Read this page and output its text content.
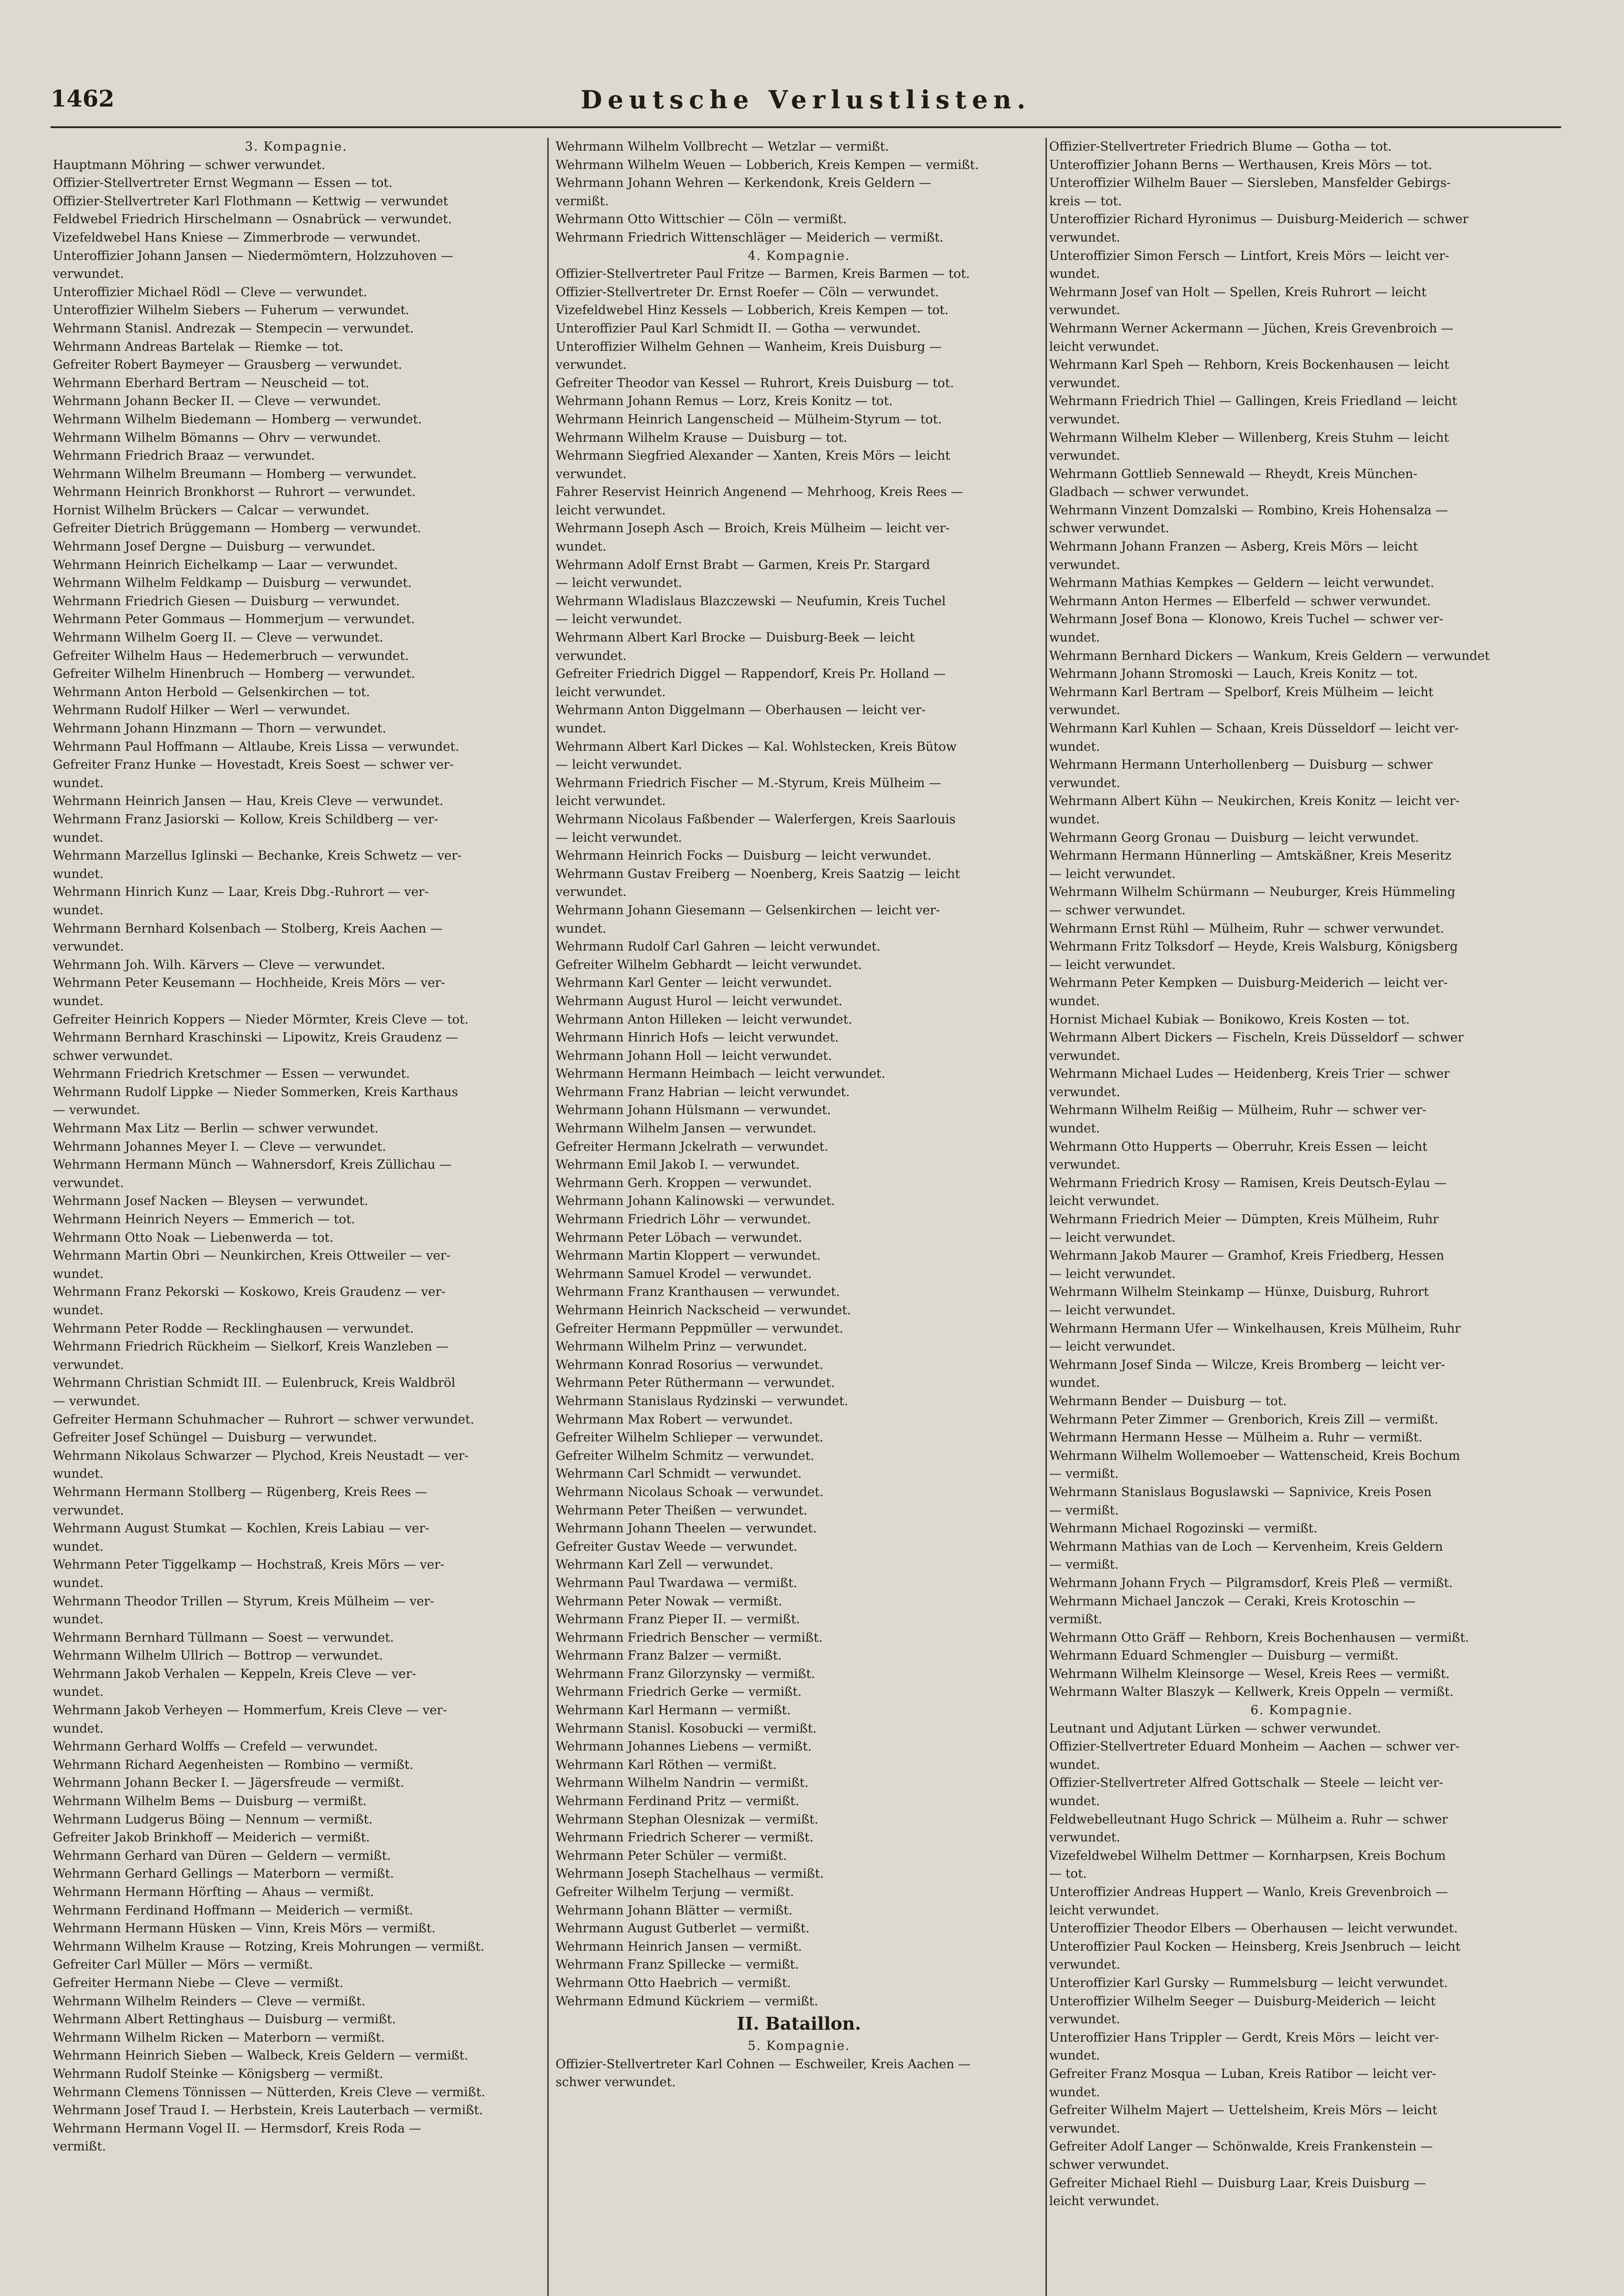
1462	Deutsche Verlustlisten.
3. Kompagnie.
Hauptmann Möhring — schwer verwundet.
Offizier-Stellvertreter Ernst Wegmann — Essen — tot.
Offizier-Stellvertreter Karl Flothmann — Kettwig — verwundet
Feldwebel Friedrich Hirschelmann — Osnabrück — verwundet.
Vizefeldwebel Hans Kniese — Zimmerbrode — verwundet.
Unteroffizier Johann Jansen — Niedermömtern, Holzzuhoven —
verwundet.
Unteroffizier Michael Rödl — Cleve — verwundet.
Unteroffizier Wilhelm Siebers — Fuherum — verwundet.
Wehrmann Stanisl. Andrezak — Stempecin — verwundet.
Wehrmann Andreas Bartelak — Riemke — tot.
Gefreiter Robert Baymeyer — Grausberg — verwundet.
Wehrmann Eberhard Bertram — Neuscheid — tot.
Wehrmann Johann Becker II. — Cleve — verwundet.
Wehrmann Wilhelm Biedemann — Homberg — verwundet.
Wehrmann Wilhelm Bömanns — Ohrv — verwundet.
Wehrmann Friedrich Braaz — verwundet.
Wehrmann Wilhelm Breumann — Homberg — verwundet.
Wehrmann Heinrich Bronkhorst — Ruhrort — verwundet.
Hornist Wilhelm Brückers — Calcar — verwundet.
Gefreiter Dietrich Brüggemann — Homberg — verwundet.
Wehrmann Josef Dergne — Duisburg — verwundet.
Wehrmann Heinrich Eichelkamp — Laar — verwundet.
Wehrmann Wilhelm Feldkamp — Duisburg — verwundet.
Wehrmann Friedrich Giesen — Duisburg — verwundet.
Wehrmann Peter Gommaus — Hommerjum — verwundet.
Wehrmann Wilhelm Goerg II. — Cleve — verwundet.
Gefreiter Wilhelm Haus — Hedemerbruch — verwundet.
Gefreiter Wilhelm Hinenbruch — Homberg — verwundet.
Wehrmann Anton Herbold — Gelsenkirchen — tot.
Wehrmann Rudolf Hilker — Werl — verwundet.
Wehrmann Johann Hinzmann — Thorn — verwundet.
Wehrmann Paul Hoffmann — Altlaube, Kreis Lissa — verwundet.
Gefreiter Franz Hunke — Hovestadt, Kreis Soest — schwer ver-
wundet.
Wehrmann Heinrich Jansen — Hau, Kreis Cleve — verwundet.
Wehrmann Franz Jasiorski — Kollow, Kreis Schildberg — ver-
wundet.
Wehrmann Marzellus Iglinski — Bechanke, Kreis Schwetz — ver-
wundet.
Wehrmann Hinrich Kunz — Laar, Kreis Dbg.-Ruhrort — ver-
wundet.
Wehrmann Bernhard Kolsenbach — Stolberg, Kreis Aachen —
verwundet.
Wehrmann Joh. Wilh. Kärvers — Cleve — verwundet.
Wehrmann Peter Keusemann — Hochheide, Kreis Mörs — ver-
wundet.
Gefreiter Heinrich Koppers — Nieder Mörmter, Kreis Cleve — tot.
Wehrmann Bernhard Kraschinski — Lipowitz, Kreis Graudenz —
schwer verwundet.
Wehrmann Friedrich Kretschmer — Essen — verwundet.
Wehrmann Rudolf Lippke — Nieder Sommerken, Kreis Karthaus
— verwundet.
Wehrmann Max Litz — Berlin — schwer verwundet.
Wehrmann Johannes Meyer I. — Cleve — verwundet.
Wehrmann Hermann Münch — Wahnersdorf, Kreis Züllichau —
verwundet.
Wehrmann Josef Nacken — Bleysen — verwundet.
Wehrmann Heinrich Neyers — Emmerich — tot.
Wehrmann Otto Noak — Liebenwerda — tot.
Wehrmann Martin Obri — Neunkirchen, Kreis Ottweiler — ver-
wundet.
Wehrmann Franz Pekorski — Koskowo, Kreis Graudenz — ver-
wundet.
Wehrmann Peter Rodde — Recklinghausen — verwundet.
Wehrmann Friedrich Rückheim — Sielkorf, Kreis Wanzleben —
verwundet.
Wehrmann Christian Schmidt III. — Eulenbruck, Kreis Waldbröl
— verwundet.
Gefreiter Hermann Schuhmacher — Ruhrort — schwer verwundet.
Gefreiter Josef Schüngel — Duisburg — verwundet.
Wehrmann Nikolaus Schwarzer — Plychod, Kreis Neustadt — ver-
wundet.
Wehrmann Hermann Stollberg — Rügenberg, Kreis Rees —
verwundet.
Wehrmann August Stumkat — Kochlen, Kreis Labiau — ver-
wundet.
Wehrmann Peter Tiggelkamp — Hochstraß, Kreis Mörs — ver-
wundet.
Wehrmann Theodor Trillen — Styrum, Kreis Mülheim — ver-
wundet.
Wehrmann Bernhard Tüllmann — Soest — verwundet.
Wehrmann Wilhelm Ullrich — Bottrop — verwundet.
Wehrmann Jakob Verhalen — Keppeln, Kreis Cleve — ver-
wundet.
Wehrmann Jakob Verheyen — Hommerfum, Kreis Cleve — ver-
wundet.
Wehrmann Gerhard Wolffs — Crefeld — verwundet.
Wehrmann Richard Aegenheisten — Rombino — vermißt.
Wehrmann Johann Becker I. — Jägersfreude — vermißt.
Wehrmann Wilhelm Bems — Duisburg — vermißt.
Wehrmann Ludgerus Böing — Nennum — vermißt.
Gefreiter Jakob Brinkhoff — Meiderich — vermißt.
Wehrmann Gerhard van Düren — Geldern — vermißt.
Wehrmann Gerhard Gellings — Materborn — vermißt.
Wehrmann Hermann Hörfting — Ahaus — vermißt.
Wehrmann Ferdinand Hoffmann — Meiderich — vermißt.
Wehrmann Hermann Hüsken — Vinn, Kreis Mörs — vermißt.
Wehrmann Wilhelm Krause — Rotzing, Kreis Mohrungen — vermißt.
Gefreiter Carl Müller — Mörs — vermißt.
Gefreiter Hermann Niebe — Cleve — vermißt.
Wehrmann Wilhelm Reinders — Cleve — vermißt.
Wehrmann Albert Rettinghaus — Duisburg — vermißt.
Wehrmann Wilhelm Ricken — Materborn — vermißt.
Wehrmann Heinrich Sieben — Walbeck, Kreis Geldern — vermißt.
Wehrmann Rudolf Steinke — Königsberg — vermißt.
Wehrmann Clemens Tönnissen — Nütterden, Kreis Cleve — vermißt.
Wehrmann Josef Traud I. — Herbstein, Kreis Lauterbach — vermißt.
Wehrmann Hermann Vogel II. — Hermsdorf, Kreis Roda —
vermißt.
Wehrmann Wilhelm Vollbrecht — Wetzlar — vermißt.
Wehrmann Wilhelm Weuen — Lobberich, Kreis Kempen — vermißt.
Wehrmann Johann Wehren — Kerkendonk, Kreis Geldern —
vermißt.
Wehrmann Otto Wittschier — Cöln — vermißt.
Wehrmann Friedrich Wittenschläger — Meiderich — vermißt.
4. Kompagnie.
Offizier-Stellvertreter Paul Fritze — Barmen, Kreis Barmen — tot.
Offizier-Stellvertreter Dr. Ernst Roefer — Cöln — verwundet.
Vizefeldwebel Hinz Kessels — Lobberich, Kreis Kempen — tot.
Unteroffizier Paul Karl Schmidt II. — Gotha — verwundet.
Unteroffizier Wilhelm Gehnen — Wanheim, Kreis Duisburg —
verwundet.
Gefreiter Theodor van Kessel — Ruhrort, Kreis Duisburg — tot.
Wehrmann Johann Remus — Lorz, Kreis Konitz — tot.
Wehrmann Heinrich Langenscheid — Mülheim-Styrum — tot.
Wehrmann Wilhelm Krause — Duisburg — tot.
Wehrmann Siegfried Alexander — Xanten, Kreis Mörs — leicht
verwundet.
Fahrer Reservist Heinrich Angenend — Mehrhoog, Kreis Rees —
leicht verwundet.
Wehrmann Joseph Asch — Broich, Kreis Mülheim — leicht ver-
wundet.
Wehrmann Adolf Ernst Brabt — Garmen, Kreis Pr. Stargard
— leicht verwundet.
Wehrmann Wladislaus Blazczewski — Neufumin, Kreis Tuchel
— leicht verwundet.
Wehrmann Albert Karl Brocke — Duisburg-Beek — leicht
verwundet.
Gefreiter Friedrich Diggel — Rappendorf, Kreis Pr. Holland —
leicht verwundet.
Wehrmann Anton Diggelmann — Oberhausen — leicht ver-
wundet.
Wehrmann Albert Karl Dickes — Kal. Wohlstecken, Kreis Bütow
— leicht verwundet.
Wehrmann Friedrich Fischer — M.-Styrum, Kreis Mülheim —
leicht verwundet.
Wehrmann Nicolaus Faßbender — Walerfergen, Kreis Saarlouis
— leicht verwundet.
Wehrmann Heinrich Focks — Duisburg — leicht verwundet.
Wehrmann Gustav Freiberg — Noenberg, Kreis Saatzig — leicht
verwundet.
Wehrmann Johann Giesemann — Gelsenkirchen — leicht ver-
wundet.
Wehrmann Rudolf Carl Gahren — leicht verwundet.
Gefreiter Wilhelm Gebhardt — leicht verwundet.
Wehrmann Karl Genter — leicht verwundet.
Wehrmann August Hurol — leicht verwundet.
Wehrmann Anton Hilleken — leicht verwundet.
Wehrmann Hinrich Hofs — leicht verwundet.
Wehrmann Johann Holl — leicht verwundet.
Wehrmann Hermann Heimbach — leicht verwundet.
Wehrmann Franz Habrian — leicht verwundet.
Wehrmann Johann Hülsmann — verwundet.
Wehrmann Wilhelm Jansen — verwundet.
Gefreiter Hermann Jckelrath — verwundet.
Wehrmann Emil Jakob I. — verwundet.
Wehrmann Gerh. Kroppen — verwundet.
Wehrmann Johann Kalinowski — verwundet.
Wehrmann Friedrich Löhr — verwundet.
Wehrmann Peter Löbach — verwundet.
Wehrmann Martin Kloppert — verwundet.
Wehrmann Samuel Krodel — verwundet.
Wehrmann Franz Kranthausen — verwundet.
Wehrmann Heinrich Nackscheid — verwundet.
Gefreiter Hermann Peppmüller — verwundet.
Wehrmann Wilhelm Prinz — verwundet.
Wehrmann Konrad Rosorius — verwundet.
Wehrmann Peter Rüthermann — verwundet.
Wehrmann Stanislaus Rydzinski — verwundet.
Wehrmann Max Robert — verwundet.
Gefreiter Wilhelm Schlieper — verwundet.
Gefreiter Wilhelm Schmitz — verwundet.
Wehrmann Carl Schmidt — verwundet.
Wehrmann Nicolaus Schoak — verwundet.
Wehrmann Peter Theißen — verwundet.
Wehrmann Johann Theelen — verwundet.
Gefreiter Gustav Weede — verwundet.
Wehrmann Karl Zell — verwundet.
Wehrmann Paul Twardawa — vermißt.
Wehrmann Peter Nowak — vermißt.
Wehrmann Franz Pieper II. — vermißt.
Wehrmann Friedrich Benscher — vermißt.
Wehrmann Franz Balzer — vermißt.
Wehrmann Franz Gilorzynsky — vermißt.
Wehrmann Friedrich Gerke — vermißt.
Wehrmann Karl Hermann — vermißt.
Wehrmann Stanisl. Kosobucki — vermißt.
Wehrmann Johannes Liebens — vermißt.
Wehrmann Karl Röthen — vermißt.
Wehrmann Wilhelm Nandrin — vermißt.
Wehrmann Ferdinand Pritz — vermißt.
Wehrmann Stephan Olesnizak — vermißt.
Wehrmann Friedrich Scherer — vermißt.
Wehrmann Peter Schüler — vermißt.
Wehrmann Joseph Stachelhaus — vermißt.
Gefreiter Wilhelm Terjung — vermißt.
Wehrmann Johann Blätter — vermißt.
Wehrmann August Gutberlet — vermißt.
Wehrmann Heinrich Jansen — vermißt.
Wehrmann Franz Spillecke — vermißt.
Wehrmann Otto Haebrich — vermißt.
Wehrmann Edmund Kückriem — vermißt.
II. Bataillon.
5. Kompagnie.
Offizier-Stellvertreter Karl Cohnen — Eschweiler, Kreis Aachen —
schwer verwundet.
Offizier-Stellvertreter Friedrich Blume — Gotha — tot.
Unteroffizier Johann Berns — Werthausen, Kreis Mörs — tot.
Unteroffizier Wilhelm Bauer — Siersleben, Mansfelder Gebirgs-
kreis — tot.
Unteroffizier Richard Hyronimus — Duisburg-Meiderich — schwer
verwundet.
Unteroffizier Simon Fersch — Lintfort, Kreis Mörs — leicht ver-
wundet.
Wehrmann Josef van Holt — Spellen, Kreis Ruhrort — leicht
verwundet.
Wehrmann Werner Ackermann — Jüchen, Kreis Grevenbroich —
leicht verwundet.
Wehrmann Karl Speh — Rehborn, Kreis Bockenhausen — leicht
verwundet.
Wehrmann Friedrich Thiel — Gallingen, Kreis Friedland — leicht
verwundet.
Wehrmann Wilhelm Kleber — Willenberg, Kreis Stuhm — leicht
verwundet.
Wehrmann Gottlieb Sennewald — Rheydt, Kreis München-
Gladbach — schwer verwundet.
Wehrmann Vinzent Domzalski — Rombino, Kreis Hohensalza —
schwer verwundet.
Wehrmann Johann Franzen — Asberg, Kreis Mörs — leicht
verwundet.
Wehrmann Mathias Kempkes — Geldern — leicht verwundet.
Wehrmann Anton Hermes — Elberfeld — schwer verwundet.
Wehrmann Josef Bona — Klonowo, Kreis Tuchel — schwer ver-
wundet.
Wehrmann Bernhard Dickers — Wankum, Kreis Geldern — verwundet
Wehrmann Johann Stromoski — Lauch, Kreis Konitz — tot.
Wehrmann Karl Bertram — Spelborf, Kreis Mülheim — leicht
verwundet.
Wehrmann Karl Kuhlen — Schaan, Kreis Düsseldorf — leicht ver-
wundet.
Wehrmann Hermann Unterhollenberg — Duisburg — schwer
verwundet.
Wehrmann Albert Kühn — Neukirchen, Kreis Konitz — leicht ver-
wundet.
Wehrmann Georg Gronau — Duisburg — leicht verwundet.
Wehrmann Hermann Hünnerling — Amtskäßner, Kreis Meseritz
— leicht verwundet.
Wehrmann Wilhelm Schürmann — Neuburger, Kreis Hümmeling
— schwer verwundet.
Wehrmann Ernst Rühl — Mülheim, Ruhr — schwer verwundet.
Wehrmann Fritz Tolksdorf — Heyde, Kreis Walsburg, Königsberg
— leicht verwundet.
Wehrmann Peter Kempken — Duisburg-Meiderich — leicht ver-
wundet.
Hornist Michael Kubiak — Bonikowo, Kreis Kosten — tot.
Wehrmann Albert Dickers — Fischeln, Kreis Düsseldorf — schwer
verwundet.
Wehrmann Michael Ludes — Heidenberg, Kreis Trier — schwer
verwundet.
Wehrmann Wilhelm Reißig — Mülheim, Ruhr — schwer ver-
wundet.
Wehrmann Otto Hupperts — Oberruhr, Kreis Essen — leicht
verwundet.
Wehrmann Friedrich Krosy — Ramisen, Kreis Deutsch-Eylau —
leicht verwundet.
Wehrmann Friedrich Meier — Dümpten, Kreis Mülheim, Ruhr
— leicht verwundet.
Wehrmann Jakob Maurer — Gramhof, Kreis Friedberg, Hessen
— leicht verwundet.
Wehrmann Wilhelm Steinkamp — Hünxe, Duisburg, Ruhrort
— leicht verwundet.
Wehrmann Hermann Ufer — Winkelhausen, Kreis Mülheim, Ruhr
— leicht verwundet.
Wehrmann Josef Sinda — Wilcze, Kreis Bromberg — leicht ver-
wundet.
Wehrmann Bender — Duisburg — tot.
Wehrmann Peter Zimmer — Grenborich, Kreis Zill — vermißt.
Wehrmann Hermann Hesse — Mülheim a. Ruhr — vermißt.
Wehrmann Wilhelm Wollemoeber — Wattenscheid, Kreis Bochum
— vermißt.
Wehrmann Stanislaus Boguslawski — Sapnivice, Kreis Posen
— vermißt.
Wehrmann Michael Rogozinski — vermißt.
Wehrmann Mathias van de Loch — Kervenheim, Kreis Geldern
— vermißt.
Wehrmann Johann Frych — Pilgramsdorf, Kreis Pleß — vermißt.
Wehrmann Michael Janczok — Ceraki, Kreis Krotoschin —
vermißt.
Wehrmann Otto Gräff — Rehborn, Kreis Bochenhausen — vermißt.
Wehrmann Eduard Schmengler — Duisburg — vermißt.
Wehrmann Wilhelm Kleinsorge — Wesel, Kreis Rees — vermißt.
Wehrmann Walter Blaszyk — Kellwerk, Kreis Oppeln — vermißt.
6. Kompagnie.
Leutnant und Adjutant Lürken — schwer verwundet.
Offizier-Stellvertreter Eduard Monheim — Aachen — schwer ver-
wundet.
Offizier-Stellvertreter Alfred Gottschalk — Steele — leicht ver-
wundet.
Feldwebelleutnant Hugo Schrick — Mülheim a. Ruhr — schwer
verwundet.
Vizefeldwebel Wilhelm Dettmer — Kornharpsen, Kreis Bochum
— tot.
Unteroffizier Andreas Huppert — Wanlo, Kreis Grevenbroich —
leicht verwundet.
Unteroffizier Theodor Elbers — Oberhausen — leicht verwundet.
Unteroffizier Paul Kocken — Heinsberg, Kreis Jsenbruch — leicht
verwundet.
Unteroffizier Karl Gursky — Rummelsburg — leicht verwundet.
Unteroffizier Wilhelm Seeger — Duisburg-Meiderich — leicht
verwundet.
Unteroffizier Hans Trippler — Gerdt, Kreis Mörs — leicht ver-
wundet.
Gefreiter Franz Mosqua — Luban, Kreis Ratibor — leicht ver-
wundet.
Gefreiter Wilhelm Majert — Uettelsheim, Kreis Mörs — leicht
verwundet.
Gefreiter Adolf Langer — Schönwalde, Kreis Frankenstein —
schwer verwundet.
Gefreiter Michael Riehl — Duisburg Laar, Kreis Duisburg —
leicht verwundet.
